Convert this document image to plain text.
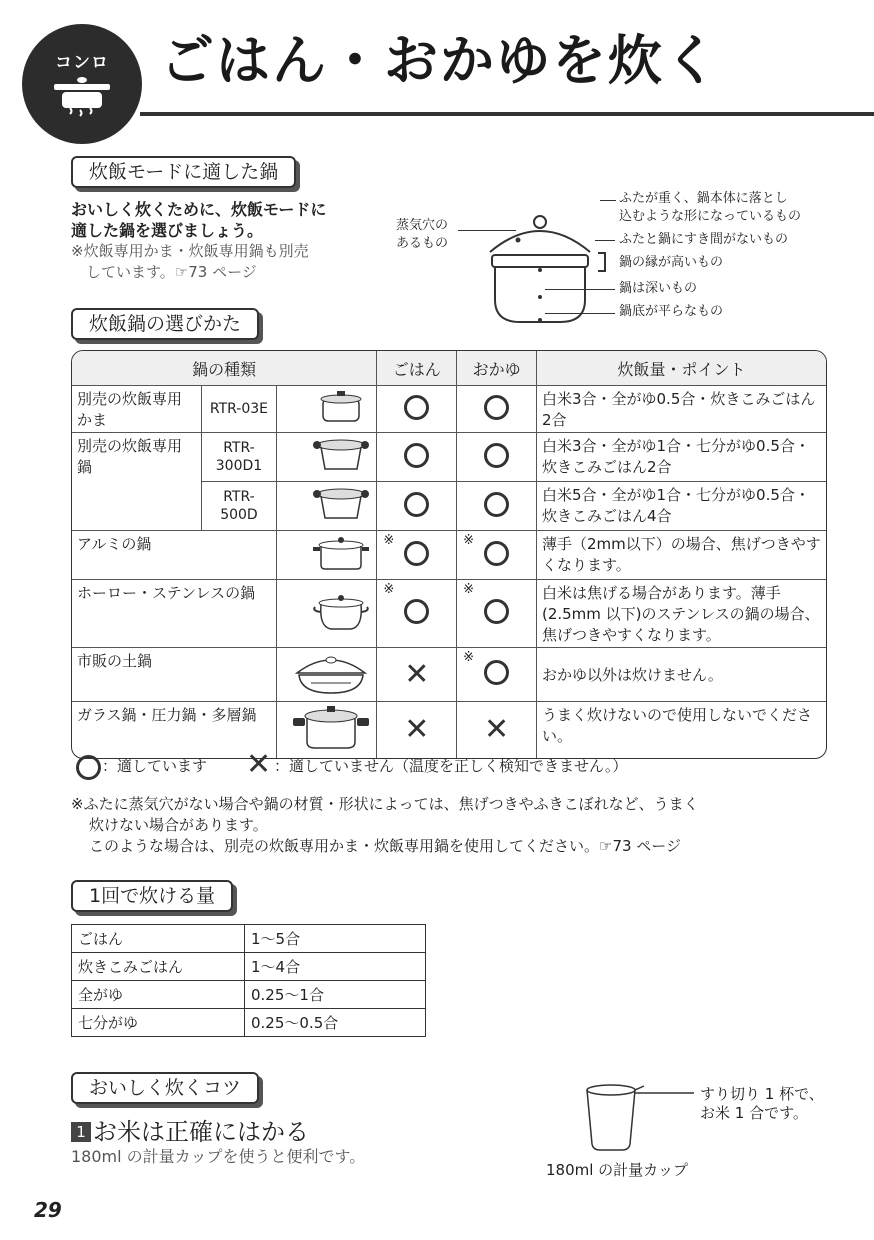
コンロ ごはん・おかゆを炊く
炊飯モードに適した鍋
おいしく炊くために、炊飯モードに
適した鍋を選びましょう。
※炊飯専用かま・炊飯専用鍋も別売
しています。☞73 ページ
蒸気穴の
あるもの
ふたが重く、鍋本体に落とし
込むような形になっているもの
ふたと鍋にすき間がないもの
鍋の縁が高いもの
鍋は深いもの
鍋底が平らなもの
炊飯鍋の選びかた
鍋の種類			ごはん	おかゆ	炊飯量・ポイント
別売の炊飯専用かま	RTR-03E				白米3合・全がゆ0.5合・炊きこみごはん2合
別売の炊飯専用鍋	RTR-300D1				白米3合・全がゆ1合・七分がゆ0.5合・炊きこみごはん2合
	RTR-500D				白米5合・全がゆ1合・七分がゆ0.5合・炊きこみごはん4合
アルミの鍋			※	※	薄手（2mm以下）の場合、焦げつきやすくなります。
ホーロー・ステンレスの鍋			※	※	白米は焦げる場合があります。薄手(2.5mm 以下)のステンレスの鍋の場合、焦げつきやすくなります。
市販の土鍋			✕	※	おかゆ以外は炊けません。
ガラス鍋・圧力鍋・多層鍋			✕	✕	うまく炊けないので使用しないでください。
：適しています ✕ ：適していません（温度を正しく検知できません。）
※ふたに蒸気穴がない場合や鍋の材質・形状によっては、焦げつきやふきこぼれなど、うまく
炊けない場合があります。
このような場合は、別売の炊飯専用かま・炊飯専用鍋を使用してください。☞73 ページ
1回で炊ける量
ごはん	1～5合
炊きこみごはん	1～4合
全がゆ	0.25～1合
七分がゆ	0.25～0.5合
おいしく炊くコツ
1 お米は正確にはかる
180ml の計量カップを使うと便利です。
すり切り 1 杯で、
お米 1 合です。
180ml の計量カップ
29
